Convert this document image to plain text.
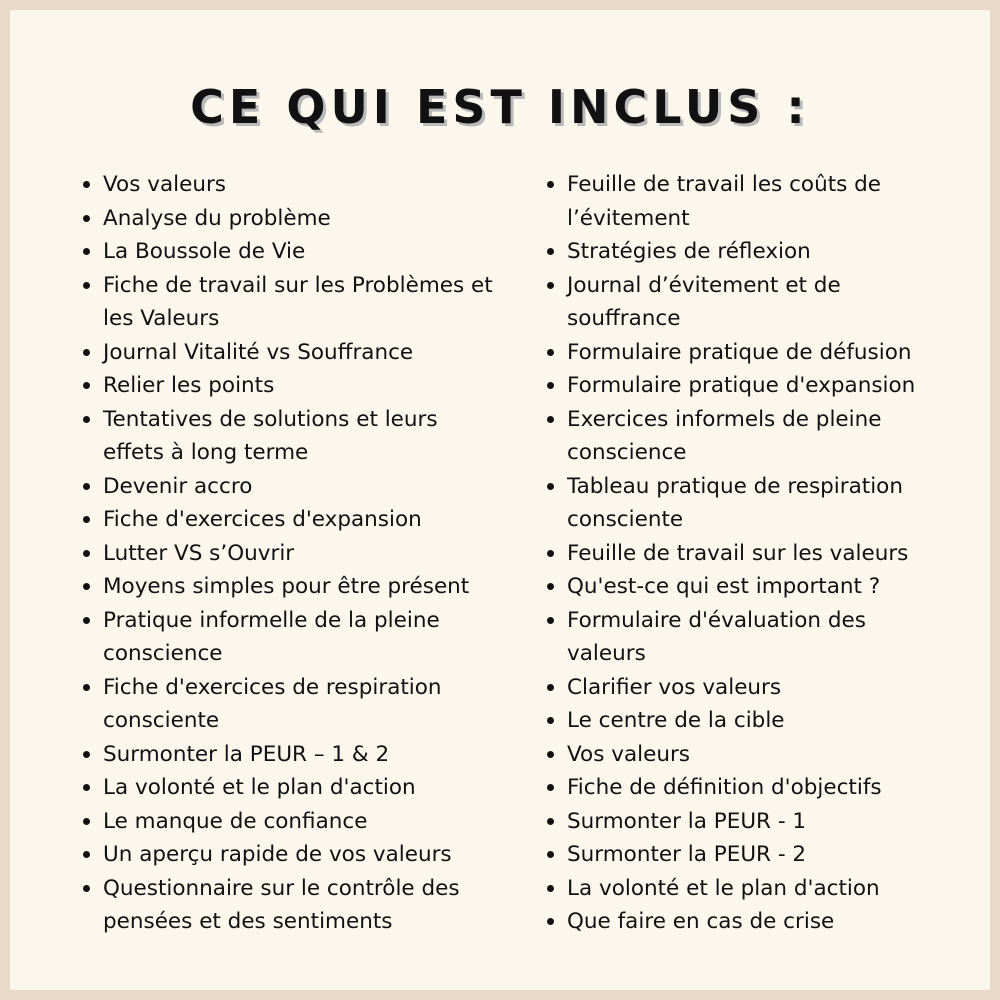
CE QUI EST INCLUS :
Vos valeurs
Analyse du problème
La Boussole de Vie
Fiche de travail sur les Problèmes et les Valeurs
Journal Vitalité vs Souffrance
Relier les points
Tentatives de solutions et leurs effets à long terme
Devenir accro
Fiche d'exercices d'expansion
Lutter VS s’Ouvrir
Moyens simples pour être présent
Pratique informelle de la pleine conscience
Fiche d'exercices de respiration consciente
Surmonter la PEUR – 1 & 2
La volonté et le plan d'action
Le manque de confiance
Un aperçu rapide de vos valeurs
Questionnaire sur le contrôle des pensées et des sentiments
Feuille de travail les coûts de l’évitement
Stratégies de réflexion
Journal d’évitement et de souffrance
Formulaire pratique de défusion
Formulaire pratique d'expansion
Exercices informels de pleine conscience
Tableau pratique de respiration consciente
Feuille de travail sur les valeurs
Qu'est-ce qui est important ?
Formulaire d'évaluation des valeurs
Clarifier vos valeurs
Le centre de la cible
Vos valeurs
Fiche de définition d'objectifs
Surmonter la PEUR - 1
Surmonter la PEUR - 2
La volonté et le plan d'action
Que faire en cas de crise
